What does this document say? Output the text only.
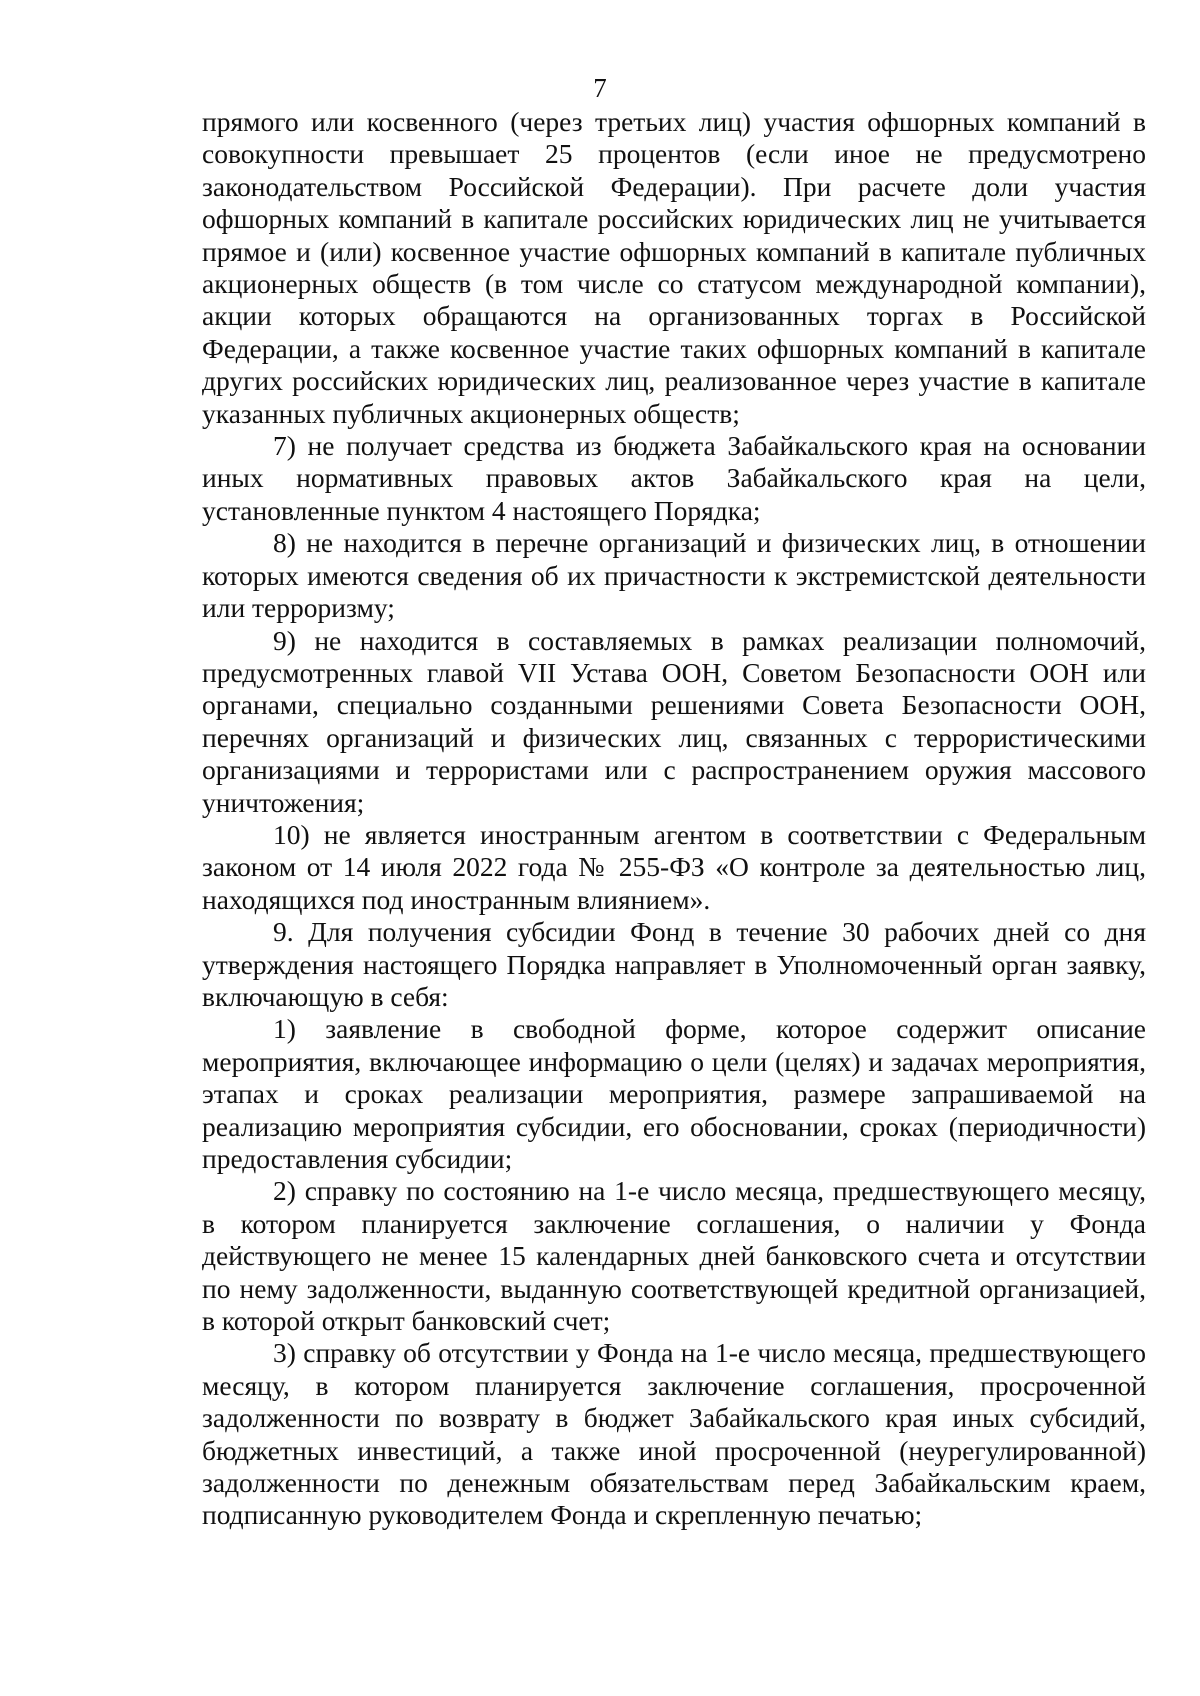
7

прямого или косвенного (через третьих лиц) участия офшорных компаний в совокупности превышает 25 процентов (если иное не предусмотрено законодательством Российской Федерации). При расчете доли участия офшорных компаний в капитале российских юридических лиц не учитывается прямое и (или) косвенное участие офшорных компаний в капитале публичных акционерных обществ (в том числе со статусом международной компании), акции которых обращаются на организованных торгах в Российской Федерации, а также косвенное участие таких офшорных компаний в капитале других российских юридических лиц, реализованное через участие в капитале указанных публичных акционерных обществ;

7) не получает средства из бюджета Забайкальского края на основании иных нормативных правовых актов Забайкальского края на цели, установленные пунктом 4 настоящего Порядка;

8) не находится в перечне организаций и физических лиц, в отношении которых имеются сведения об их причастности к экстремистской деятельности или терроризму;

9) не находится в составляемых в рамках реализации полномочий, предусмотренных главой VII Устава ООН, Советом Безопасности ООН или органами, специально созданными решениями Совета Безопасности ООН, перечнях организаций и физических лиц, связанных с террористическими организациями и террористами или с распространением оружия массового уничтожения;

10) не является иностранным агентом в соответствии с Федеральным законом от 14 июля 2022 года № 255-ФЗ «О контроле за деятельностью лиц, находящихся под иностранным влиянием».

9. Для получения субсидии Фонд в течение 30 рабочих дней со дня утверждения настоящего Порядка направляет в Уполномоченный орган заявку, включающую в себя:

1) заявление в свободной форме, которое содержит описание мероприятия, включающее информацию о цели (целях) и задачах мероприятия, этапах и сроках реализации мероприятия, размере запрашиваемой на реализацию мероприятия субсидии, его обосновании, сроках (периодичности) предоставления субсидии;

2) справку по состоянию на 1-е число месяца, предшествующего месяцу, в котором планируется заключение соглашения, о наличии у Фонда действующего не менее 15 календарных дней банковского счета и отсутствии по нему задолженности, выданную соответствующей кредитной организацией, в которой открыт банковский счет;

3) справку об отсутствии у Фонда на 1-е число месяца, предшествующего месяцу, в котором планируется заключение соглашения, просроченной задолженности по возврату в бюджет Забайкальского края иных субсидий, бюджетных инвестиций, а также иной просроченной (неурегулированной) задолженности по денежным обязательствам перед Забайкальским краем, подписанную руководителем Фонда и скрепленную печатью;
